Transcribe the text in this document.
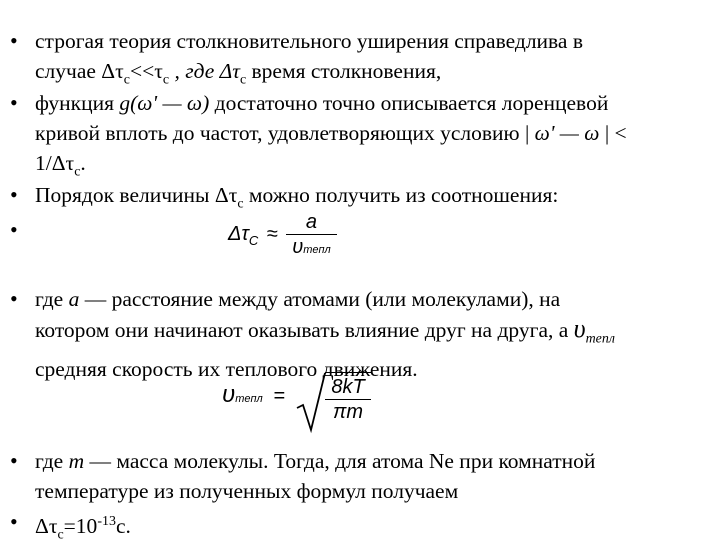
• строгая теория столкновительного уширения справедлива в
случае $\Delta\tau_c<<\tau_c$ , где $\Delta\tau_c$ время столкновения,
• функция g(ω' — ω) достаточно точно описывается лоренцевой
кривой вплоть до частот, удовлетворяющих условию | ω' — ω | <
$1/\Delta\tau_c$.
• Порядок величины $\Delta\tau_c$ можно получить из соотношения:
•	$\Delta\tau_C \approx \frac{a}{\text{υтепл}}$
• где a — расстояние между атомами (или молекулами), на
котором они начинают оказывать влияние друг на друга, а $\upsilon_{тепл}$
средняя скорость их теплового движения.
υтепл = $\frac{8kT}{\pi m}$
• где m — масса молекулы. Тогда, для атома Ne при комнатной
температуре из полученных формул получаем
• $\Delta\tau_c=10^{-13}c$.
